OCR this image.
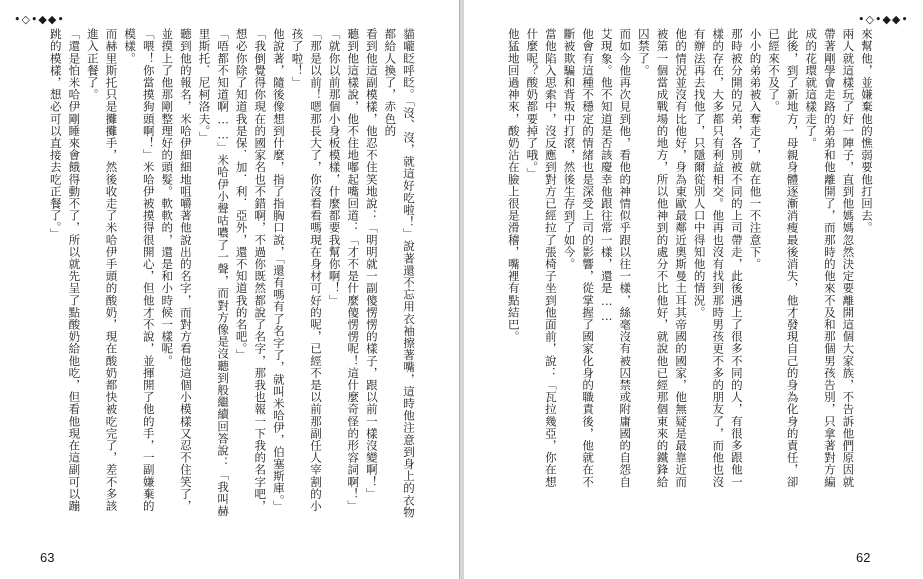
•◇•◆◆•
貓嚨眨呼眨。「沒、沒，就這好吃啦！」說著還不忘用衣袖擦著嘴，這時他注意到身上的衣物都給人換了，赤色的
看到他這副模樣，他忍不住笑地說：「明明就一副傻愣愣的樣子，跟以前一樣沒變啊！」
聽到他這樣說，他不住地嘟起嘴回道：「才不是什麼傻愣愣呢！這什麼奇怪的形容詞啊！」
「就你以前那個小身板模樣，什麼都要我幫你啊！」
「那是以前！嗯那長大了，你沒看看嗎現在身材可好的呢，已經不是以前那副任人宰割的小孩了啦！」
他說著，隨後像想到什麼，指了指胸口說，「還有嗎有了名字了，就叫米哈伊，伯塞斯庫。」
「我倒覺得你現在的國家名也不錯啊，不過你既然都說了名字，那我也報一下我的名字吧，想必你除了知道我是保．加．利．亞外，還不知道我的名吧。」
「唔都不知道啊……」米哈伊小聲咕噥了一聲，而對方像是沒聽到般繼續回答說：「我叫赫里斯托．尼柯洛夫。」
聽到他的報名，米哈伊細細地咀嚼著他說出的名字，而對方看他這個小模樣又忍不住笑了，並摸上了他那剛整理好的頭髮。軟軟的，還是和小時候一樣呢。
「喂！你當摸狗頭啊！」米哈伊被摸得很開心，但他才不說，並揮開了他的手，一副嫌棄的模樣。
而赫里斯托只是攤攤手，然後收走了米哈伊手頭的酸奶，現在酸奶都快被吃完了，差不多該進入正餐了。
「還是怕米哈伊剛睡來會餓得動不了，所以就先呈了點酸奶給他吃，但看他現在這副可以蹦跳的模樣，想必可以直接去吃正餐了。」
63
•◇•◆◆•
來幫他，並嫌棄他的憔弱要他打回去。
兩人就這樣玩了好一陣子，直到他媽媽忽然決定要離開這個大家族，不告訴他們原因就帶著剛學會走路的弟弟和他離開了，而那時的他來不及和那個男孩告別，只拿著對方編成的花環就這樣走了。
此後，到了新地方，母親身體逐漸消瘦最後消失，他才發現自己的身為化身的責任，卻已經來不及了。
小小的弟弟被入奪走了，就在他一不注意下。
那時被分開的兄弟，各別被不同的上司帶走，此後遇上了很多不同的人，有很多跟他一樣的存在，大多都只有利益相交。他再也沒有找到那時男孩更不多的朋友了，而他也沒有辦法再去找他了，只隱爾從別人口中得知他的情況。
他的情況並沒有比他好，身為東歐最鄰近奧斯曼土耳其帝國的國家，他無疑是最靠近而被第一個當成戰場的地方，所以他神到的處分不比他好，就說他已經那個東來的鐵鋒給囚禁了。
而如今他再次見到他，看他的神情似乎跟以往一樣，絲毫沒有被囚禁或附庸國的自怨自艾現象。他不知道是否該慶幸他跟往常一樣，還是……
他會有這種不穩定的情緒也是深受上司的影響，從掌握了國家化身的職責後，他就在不斷被欺騙和背叛中打滾，然後生存到了如今。
當他陷入思索中，沒反應到對方已經拉了張椅子坐到他面前，說：「瓦拉幾亞，你在想什麼呢？酸奶都要掉了哦。」
他猛地回過神來，酸奶沾在臉上很是滑稽，嘴裡有點結巴。
62
